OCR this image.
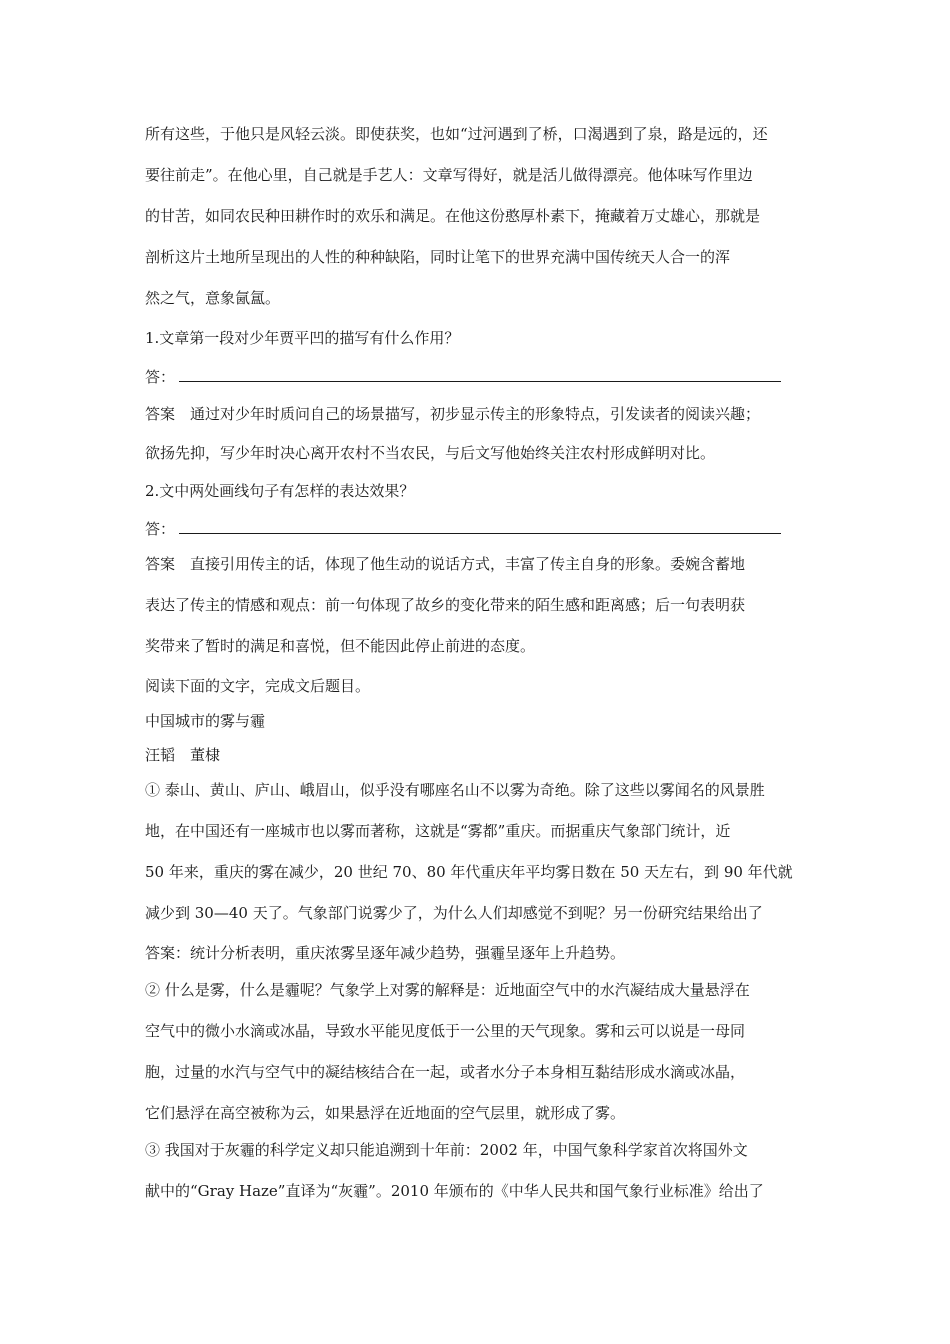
所有这些，于他只是风轻云淡。即使获奖，也如“过河遇到了桥，口渴遇到了泉，路是远的，还
要往前走”。在他心里，自己就是手艺人：文章写得好，就是活儿做得漂亮。他体味写作里边
的甘苦，如同农民种田耕作时的欢乐和满足。在他这份憨厚朴素下，掩藏着万丈雄心，那就是
剖析这片土地所呈现出的人性的种种缺陷，同时让笔下的世界充满中国传统天人合一的浑
然之气，意象氤氲。
1.文章第一段对少年贾平凹的描写有什么作用？
答：
答案　通过对少年时质问自己的场景描写，初步显示传主的形象特点，引发读者的阅读兴趣；
欲扬先抑，写少年时决心离开农村不当农民，与后文写他始终关注农村形成鲜明对比。
2.文中两处画线句子有怎样的表达效果？
答：
答案　直接引用传主的话，体现了他生动的说话方式，丰富了传主自身的形象。委婉含蓄地
表达了传主的情感和观点：前一句体现了故乡的变化带来的陌生感和距离感；后一句表明获
奖带来了暂时的满足和喜悦，但不能因此停止前进的态度。
阅读下面的文字，完成文后题目。
中国城市的雾与霾
汪韬　董棣
① 泰山、黄山、庐山、峨眉山，似乎没有哪座名山不以雾为奇绝。除了这些以雾闻名的风景胜
地，在中国还有一座城市也以雾而著称，这就是“雾都”重庆。而据重庆气象部门统计，近
50 年来，重庆的雾在减少，20 世纪 70、80 年代重庆年平均雾日数在 50 天左右，到 90 年代就
减少到 30—40 天了。气象部门说雾少了，为什么人们却感觉不到呢？另一份研究结果给出了
答案：统计分析表明，重庆浓雾呈逐年减少趋势，强霾呈逐年上升趋势。
② 什么是雾，什么是霾呢？气象学上对雾的解释是：近地面空气中的水汽凝结成大量悬浮在
空气中的微小水滴或冰晶，导致水平能见度低于一公里的天气现象。雾和云可以说是一母同
胞，过量的水汽与空气中的凝结核结合在一起，或者水分子本身相互黏结形成水滴或冰晶，
它们悬浮在高空被称为云，如果悬浮在近地面的空气层里，就形成了雾。
③ 我国对于灰霾的科学定义却只能追溯到十年前：2002 年，中国气象科学家首次将国外文
献中的“Gray Haze”直译为“灰霾”。2010 年颁布的《中华人民共和国气象行业标准》给出了
